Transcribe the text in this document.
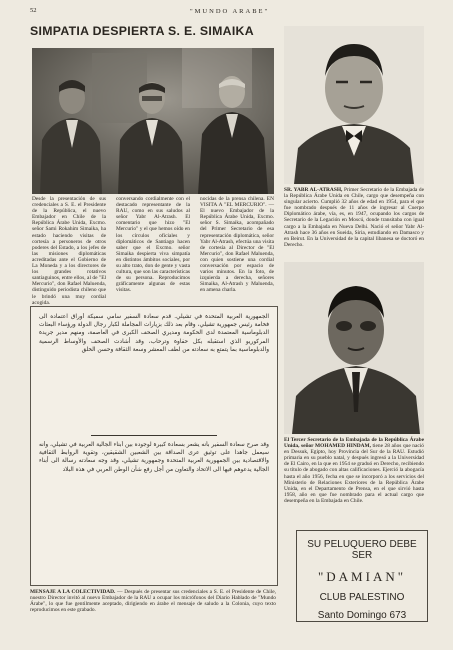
52	"MUNDO ARABE"
SIMPATIA DESPIERTA S. E. SIMAIKA
Desde la presentación de sus credenciales a S. E. el Presidente de la República, el nuevo Embajador en Chile de la República Árabe Unida, Excmo. señor Sami Rokahim Simaika, ha estado haciendo visitas de cortesía a personeros de otros poderes del Estado, a los jefes de las misiones diplomáticas acreditadas ante el Gobierno de La Moneda y a los directores de los grandes rotativos santiaguinos, entre ellos, al de "El Mercurio", don Rafael Maluenda, distinguido periodista chileno que le brindó una muy cordial acogida.
conversando cordialmente con el destacado representante de la RAU, como en sus saludos al señor Yabr Al-Atrash. El comentario que hizo "El Mercurio" y el que hemos oído en los círculos oficiales y diplomáticos de Santiago hacen saber que el Excmo. señor Simaika despierta viva simpatía en distintos ámbitos sociales, por su alto trato, don de gente y vasta cultura, que son las características de su persona. Reproducimos gráficamente algunas de estas visitas.
nocidas de la prensa chilena. EN VISITA A "EL MERCURIO". — El nuevo Embajador de la República Árabe Unida, Excmo. señor S. Simaika, acompañado del Primer Secretario de esa representación diplomática, señor Yabr Al-Atrash, efectúa una visita de cortesía al Director de "El Mercurio", don Rafael Maluenda, con quien sostiene una cordial conversación por espacio de varios minutos. En la foto, de izquierda a derecha, señores Simaika, Al-Atrash y Maluenda, en amena charla.
الجمهورية العربية المتحدة في تشيلي. قدم سعادة السفير سامي سميكة أوراق اعتماده الى فخامة رئيس جمهورية تشيلي، وقام بعد ذلك بزيارات المجاملة لكبار رجال الدولة ورؤساء البعثات الدبلوماسية المعتمدة لدى الحكومة ومديري الصحف الكبرى في العاصمة، ومنهم مدير جريدة المركوريو الذي استقبله بكل حفاوة وترحاب، وقد أشادت الصحف والأوساط الرسمية والدبلوماسية بما يتمتع به سعادته من لطف المعشر وسعة الثقافة وحسن الخلق
وقد صرح سعادة السفير بأنه يشعر بسعادة كبيرة لوجوده بين أبناء الجالية العربية في تشيلي، وأنه سيعمل جاهدا على توثيق عرى الصداقة بين الشعبين الشقيقين، وتقوية الروابط الثقافية والاقتصادية بين الجمهورية العربية المتحدة وجمهورية تشيلي، وقد وجه سعادته رسالة الى أبناء الجالية يدعوهم فيها الى الاتحاد والتعاون من أجل رفع شأن الوطن العربي في هذه البلاد
MENSAJE A LA COLECTIVIDAD. — Después de presentar sus credenciales a S. E. el Presidente de Chile, nuestro Director invitó al nuevo Embajador de la RAU a ocupar los micrófonos del Diario Hablado de "Mundo Árabe", lo que fue gentilmente aceptado, dirigiendo en árabe el mensaje de saludo a la Colonia, cuyo texto reproducimos en este grabado.
SR. YABR AL-ATRASH, Primer Secretario de la Embajada de la República Árabe Unida en Chile, cargo que desempeña con singular acierto. Cumplió 32 años de edad en 1954, para el que fue nombrado después de 11 años de ingresar al Cuerpo Diplomático árabe, vía, es, en 1947, ocupando los cargos de Secretario de la Legación en Moscú, donde transitaba con igual cargo a la Embajada en Nueva Delhi. Nació el señor Yabr Al-Atrash hace 36 años en Sueida, Siria, estudiando en Damasco y en Beirut. En la Universidad de la capital libanesa se doctoró en Derecho.
El Tercer Secretario de la Embajada de la República Árabe Unida, señor MOHAMED HINDAM, tiene 28 años que nació en Dessuk, Egipto, hoy Provincia del Sur de la RAU. Estudió primaria en su pueblo natal, y después ingresó a la Universidad de El Cairo, en la que en 1954 se graduó en Derecho, recibiendo su título de abogado con altas calificaciones. Ejerció la abogacía hasta el año 1956, fecha en que se incorporó a los servicios del Ministerio de Relaciones Exteriores de la República Árabe Unida, en el Departamento de Prensa, en el que sirvió hasta 1958, año en que fue nombrado para el actual cargo que desempeña en la Embajada en Chile.
SU PELUQUERO DEBE SER
"DAMIAN"
CLUB PALESTINO
Santo Domingo 673
